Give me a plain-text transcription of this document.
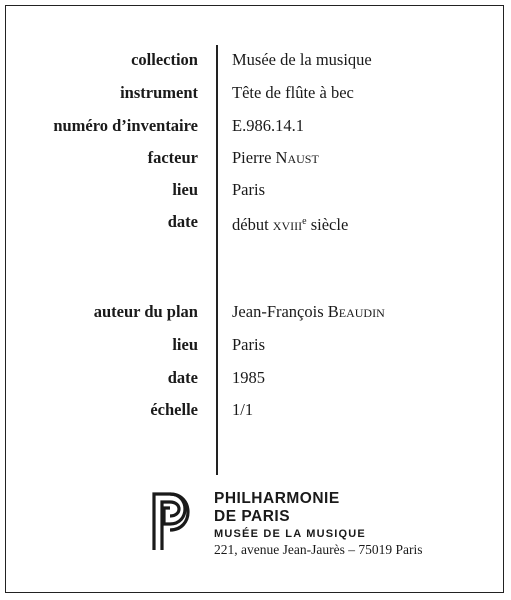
collection Musée de la musique
instrument Tête de flûte à bec
numéro d’inventaire E.986.14.1
facteur Pierre Naust
lieu Paris
date début xviii$^e$ siècle
auteur du plan Jean-François Beaudin
lieu Paris
date 1985
échelle 1/1
PHILHARMONIE
DE PARIS
MUSÉE DE LA MUSIQUE
221, avenue Jean-Jaurès – 75019 Paris
